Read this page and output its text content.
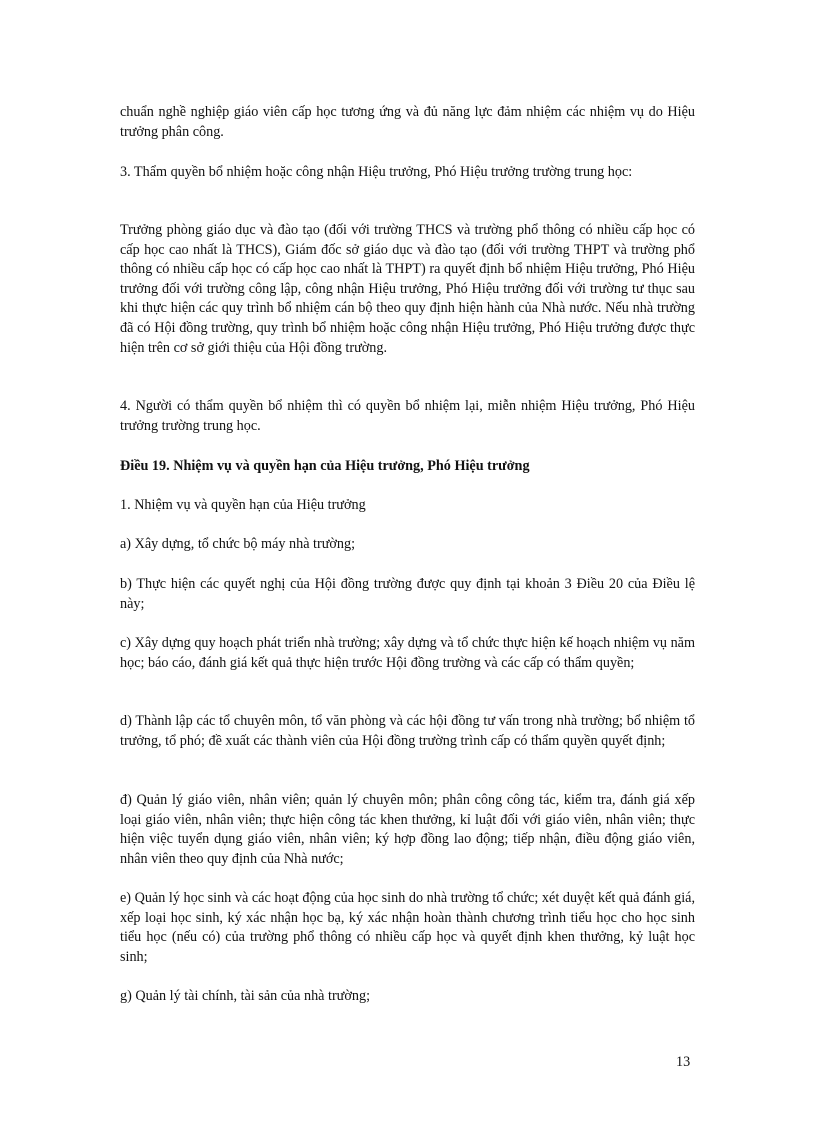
chuẩn nghề nghiệp giáo viên cấp học tương ứng và đủ năng lực đảm nhiệm các nhiệm vụ do Hiệu trưởng phân công.

3. Thẩm quyền bổ nhiệm hoặc công nhận Hiệu trưởng, Phó Hiệu trưởng trường trung học:

Trưởng phòng giáo dục và đào tạo (đối với trường THCS và trường phổ thông có nhiều cấp học có cấp học cao nhất là THCS), Giám đốc sở giáo dục và đào tạo (đối với trường THPT và trường phổ thông có nhiều cấp học có cấp học cao nhất là THPT) ra quyết định bổ nhiệm Hiệu trưởng, Phó Hiệu trưởng đối với trường công lập, công nhận Hiệu trưởng, Phó Hiệu trưởng đối với trường tư thục sau khi thực hiện các quy trình bổ nhiệm cán bộ theo quy định hiện hành của Nhà nước. Nếu nhà trường đã có Hội đồng trường, quy trình bổ nhiệm hoặc công nhận Hiệu trưởng, Phó Hiệu trưởng được thực hiện trên cơ sở giới thiệu của Hội đồng trường.

4. Người có thẩm quyền bổ nhiệm thì có quyền bổ nhiệm lại, miễn nhiệm Hiệu trưởng, Phó Hiệu trưởng trường trung học.

Điều 19. Nhiệm vụ và quyền hạn của Hiệu trưởng, Phó Hiệu trưởng

1. Nhiệm vụ và quyền hạn của Hiệu trưởng

a) Xây dựng, tổ chức bộ máy nhà trường;

b) Thực hiện các quyết nghị của Hội đồng trường được quy định tại khoản 3 Điều 20 của Điều lệ này;

c) Xây dựng quy hoạch phát triển nhà trường; xây dựng và tổ chức thực hiện kế hoạch nhiệm vụ năm học; báo cáo, đánh giá kết quả thực hiện trước Hội đồng trường và các cấp có thẩm quyền;

d) Thành lập các tổ chuyên môn, tổ văn phòng và các hội đồng tư vấn trong nhà trường; bổ nhiệm tổ trưởng, tổ phó; đề xuất các thành viên của Hội đồng trường trình cấp có thẩm quyền quyết định;

đ) Quản lý giáo viên, nhân viên; quản lý chuyên môn; phân công công tác, kiểm tra, đánh giá xếp loại giáo viên, nhân viên; thực hiện công tác khen thưởng, kỉ luật đối với giáo viên, nhân viên; thực hiện việc tuyển dụng giáo viên, nhân viên; ký hợp đồng lao động; tiếp nhận, điều động giáo viên, nhân viên theo quy định của Nhà nước;

e) Quản lý học sinh và các hoạt động của học sinh do nhà trường tổ chức; xét duyệt kết quả đánh giá, xếp loại học sinh, ký xác nhận học bạ, ký xác nhận hoàn thành chương trình tiểu học cho học sinh tiểu học (nếu có) của trường phổ thông có nhiều cấp học và quyết định khen thưởng, kỷ luật học sinh;

g) Quản lý tài chính, tài sản của nhà trường;

13
